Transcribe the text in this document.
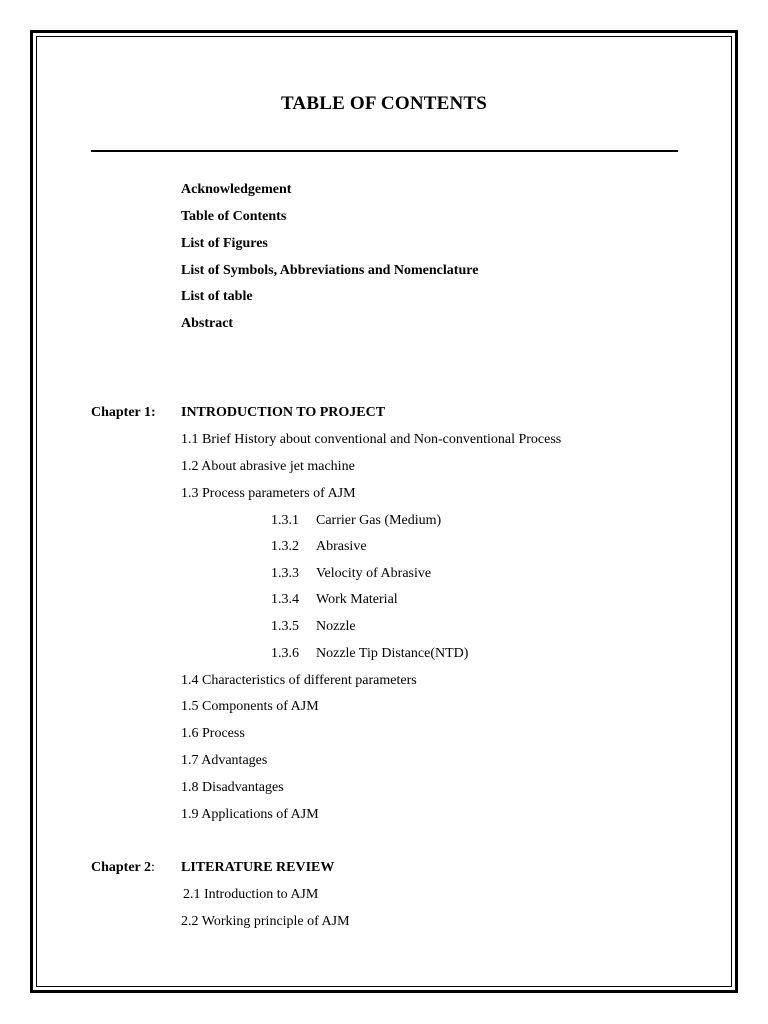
TABLE OF CONTENTS
Acknowledgement
Table of Contents
List of Figures
List of Symbols, Abbreviations and Nomenclature
List of table
Abstract
Chapter 1: INTRODUCTION TO PROJECT
1.1 Brief History about conventional and Non-conventional Process
1.2 About abrasive jet machine
1.3 Process parameters of AJM
1.3.1 Carrier Gas (Medium)
1.3.2 Abrasive
1.3.3 Velocity of Abrasive
1.3.4 Work Material
1.3.5 Nozzle
1.3.6 Nozzle Tip Distance(NTD)
1.4 Characteristics of different parameters
1.5 Components of AJM
1.6 Process
1.7 Advantages
1.8 Disadvantages
1.9 Applications of AJM
Chapter 2: LITERATURE REVIEW
2.1 Introduction to AJM
2.2 Working principle of AJM
